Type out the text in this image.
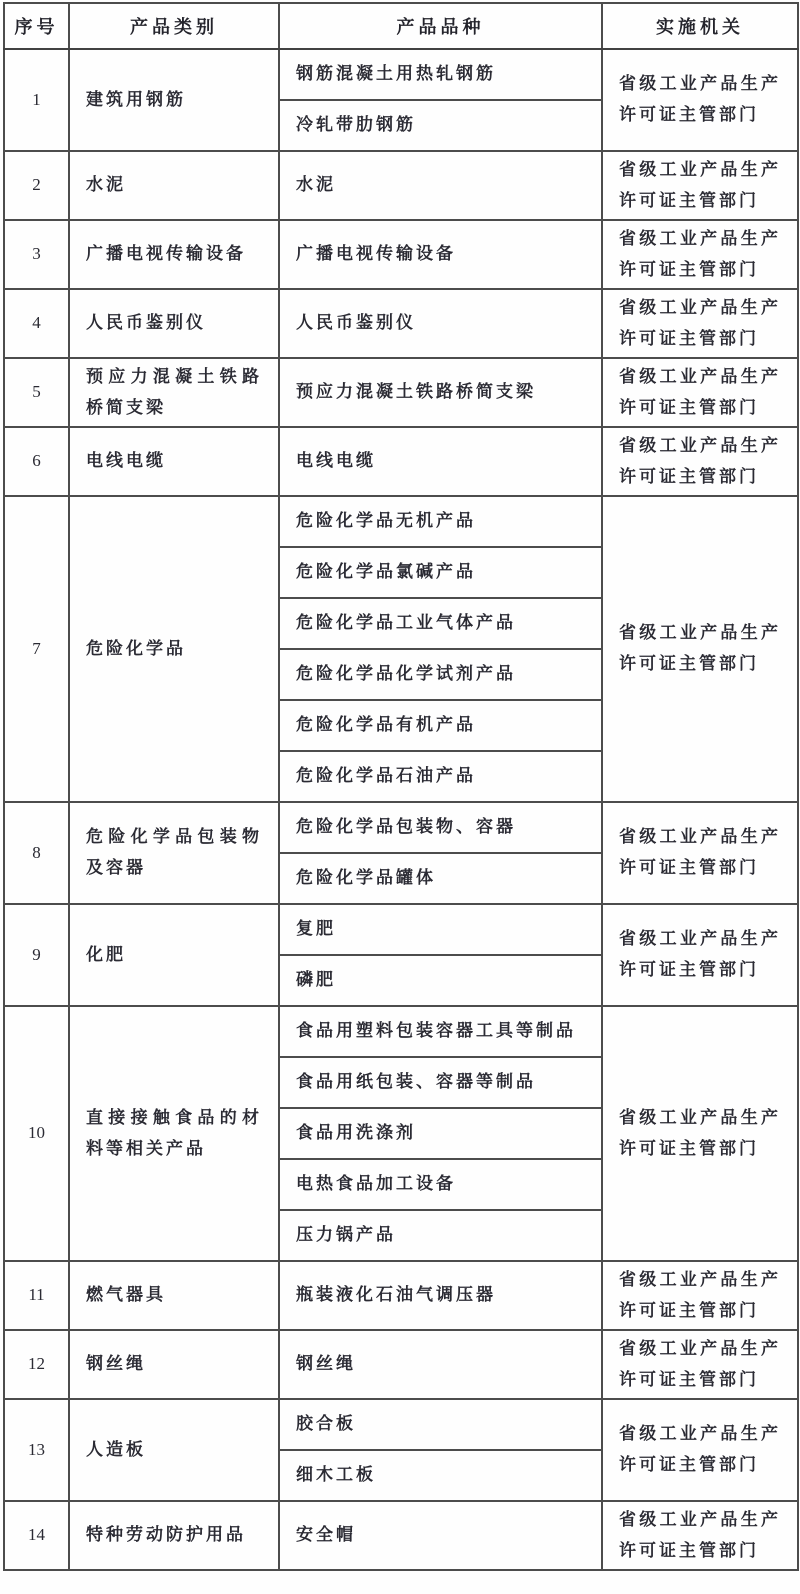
序号	产品类别	产品品种	实施机关
1	建筑用钢筋	钢筋混凝土用热轧钢筋	省级工业产品生产许可证主管部门
		冷轧带肋钢筋	
2	水泥	水泥	省级工业产品生产许可证主管部门
3	广播电视传输设备	广播电视传输设备	省级工业产品生产许可证主管部门
4	人民币鉴别仪	人民币鉴别仪	省级工业产品生产许可证主管部门
5	预应力混凝土铁路桥简支梁	预应力混凝土铁路桥简支梁	省级工业产品生产许可证主管部门
6	电线电缆	电线电缆	省级工业产品生产许可证主管部门
7	危险化学品	危险化学品无机产品	省级工业产品生产许可证主管部门
		危险化学品氯碱产品	
		危险化学品工业气体产品	
		危险化学品化学试剂产品	
		危险化学品有机产品	
		危险化学品石油产品	
8	危险化学品包装物及容器	危险化学品包装物、容器	省级工业产品生产许可证主管部门
		危险化学品罐体	
9	化肥	复肥	省级工业产品生产许可证主管部门
		磷肥	
10	直接接触食品的材料等相关产品	食品用塑料包装容器工具等制品	省级工业产品生产许可证主管部门
		食品用纸包装、容器等制品	
		食品用洗涤剂	
		电热食品加工设备	
		压力锅产品	
11	燃气器具	瓶装液化石油气调压器	省级工业产品生产许可证主管部门
12	钢丝绳	钢丝绳	省级工业产品生产许可证主管部门
13	人造板	胶合板	省级工业产品生产许可证主管部门
		细木工板	
14	特种劳动防护用品	安全帽	省级工业产品生产许可证主管部门
